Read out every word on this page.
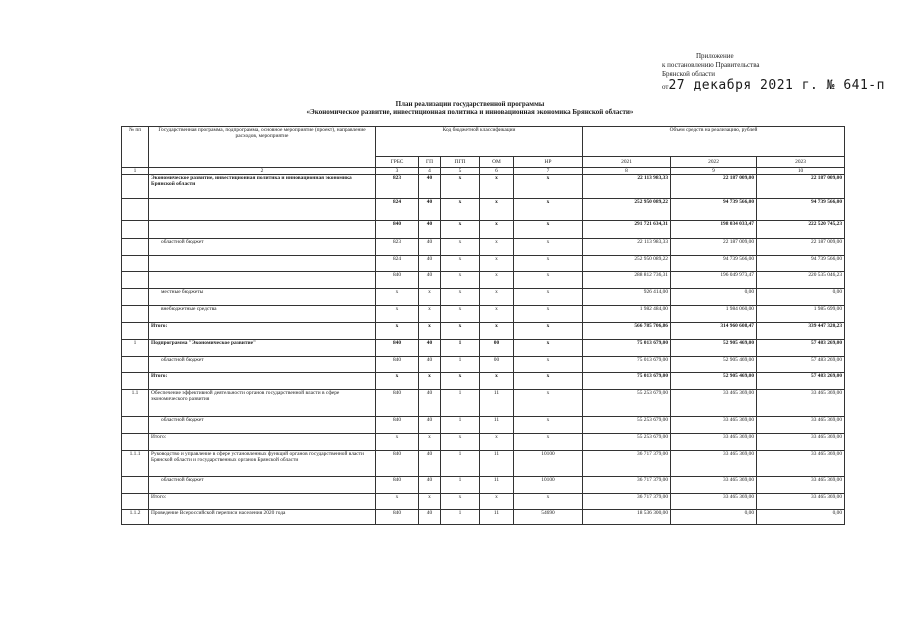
Приложение
к постановлению Правительства
Брянской области
от27 декабря 2021 г. № 641-п
План реализации государственной программы
«Экономическое развитие, инвестиционная политика и инновационная экономика Брянской области»
№ пп	Государственная программа, подпрограмма, основное мероприятие (проект), направление расходов, мероприятие	Код бюджетной классификации					Объем средств на реализацию, рублей		
		ГРБС	ГП	ПГП	ОМ	НР	2021	2022	2023
1	2	3	4	5	6	7	8	9	10
	Экономическое развитие, инвестиционная политика и инновационная экономика Брянской области	823	40	х	х	х	22 113 983,33	22 187 009,00	22 187 009,00
		824	40	х	х	х	252 950 089,22	94 739 566,00	94 739 566,00
		840	40	х	х	х	291 721 634,31	198 034 033,47	222 520 745,23
	областной бюджет	823	40	х	х	х	22 113 983,33	22 187 009,00	22 187 009,00
		824	40	х	х	х	252 950 089,22	94 739 566,00	94 739 566,00
		840	40	х	х	х	288 812 736,31	196 049 973,47	220 535 046,23
	местные бюджеты	х	х	х	х	х	926 414,00	0,00	0,00
	внебюджетные средства	х	х	х	х	х	1 982 484,00	1 984 060,00	1 985 699,00
	Итого:	х	х	х	х	х	566 785 706,86	314 960 608,47	339 447 320,23
1	Подпрограмма "Экономическое развитие"	840	40	1	00	х	75 013 679,00	52 905 469,00	57 483 269,00
	областной бюджет	840	40	1	00	х	75 013 679,00	52 905 469,00	57 483 269,00
	Итого:	х	х	х	х	х	75 013 679,00	52 905 469,00	57 483 269,00
1.1	Обеспечение эффективной деятельности органов государственной власти в сфере экономического развития	840	40	1	11	х	55 253 679,00	33 465 369,00	33 465 369,00
	областной бюджет	840	40	1	11	х	55 253 679,00	33 465 369,00	33 465 369,00
	Итого:	х	х	х	х	х	55 253 679,00	33 465 369,00	33 465 369,00
1.1.1	Руководство и управление в сфере установленных функций органов государственной власти Брянской области и государственных органов Брянской области	840	40	1	11	10100	36 717 379,00	33 465 369,00	33 465 369,00
	областной бюджет	840	40	1	11	10100	36 717 379,00	33 465 369,00	33 465 369,00
	Итого:	х	х	х	х	х	36 717 379,00	33 465 369,00	33 465 369,00
1.1.2	Проведение Всероссийской переписи населения 2020 года	840	40	1	11	54690	18 536 300,00	0,00	0,00
